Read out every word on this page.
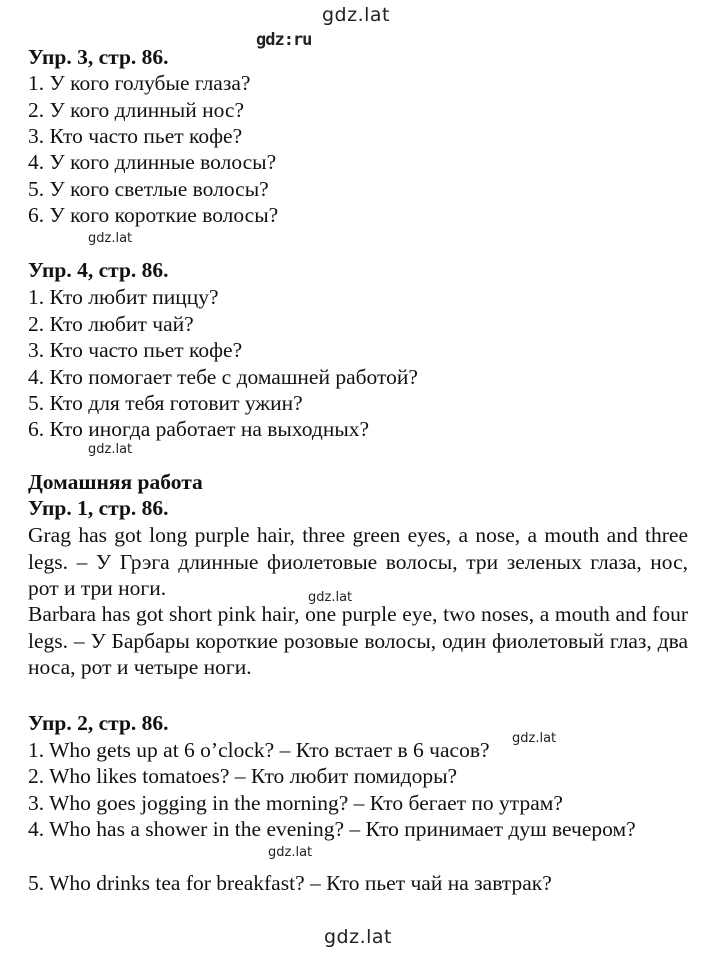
gdz.lat
gdz:ru
gdz.lat
gdz.lat
gdz.lat
gdz.lat
gdz.lat
gdz.lat
Упр. 3, стр. 86.
1. У кого голубые глаза?
2. У кого длинный нос?
3. Кто часто пьет кофе?
4. У кого длинные волосы?
5. У кого светлые волосы?
6. У кого короткие волосы?
Упр. 4, стр. 86.
1. Кто любит пиццу?
2. Кто любит чай?
3. Кто часто пьет кофе?
4. Кто помогает тебе с домашней работой?
5. Кто для тебя готовит ужин?
6. Кто иногда работает на выходных?
Домашняя работа
Упр. 1, стр. 86.
Grag has got long purple hair, three green eyes, a nose, a mouth and three legs. – У Грэга длинные фиолетовые волосы, три зеленых глаза, нос, рот и три ноги.
Barbara has got short pink hair, one purple eye, two noses, a mouth and four legs. – У Барбары короткие розовые волосы, один фиолетовый глаз, два носа, рот и четыре ноги.
Упр. 2, стр. 86.
1. Who gets up at 6 o’clock? – Кто встает в 6 часов?
2. Who likes tomatoes? – Кто любит помидоры?
3. Who goes jogging in the morning? – Кто бегает по утрам?
4. Who has a shower in the evening? – Кто принимает душ вечером?
5. Who drinks tea for breakfast? – Кто пьет чай на завтрак?
